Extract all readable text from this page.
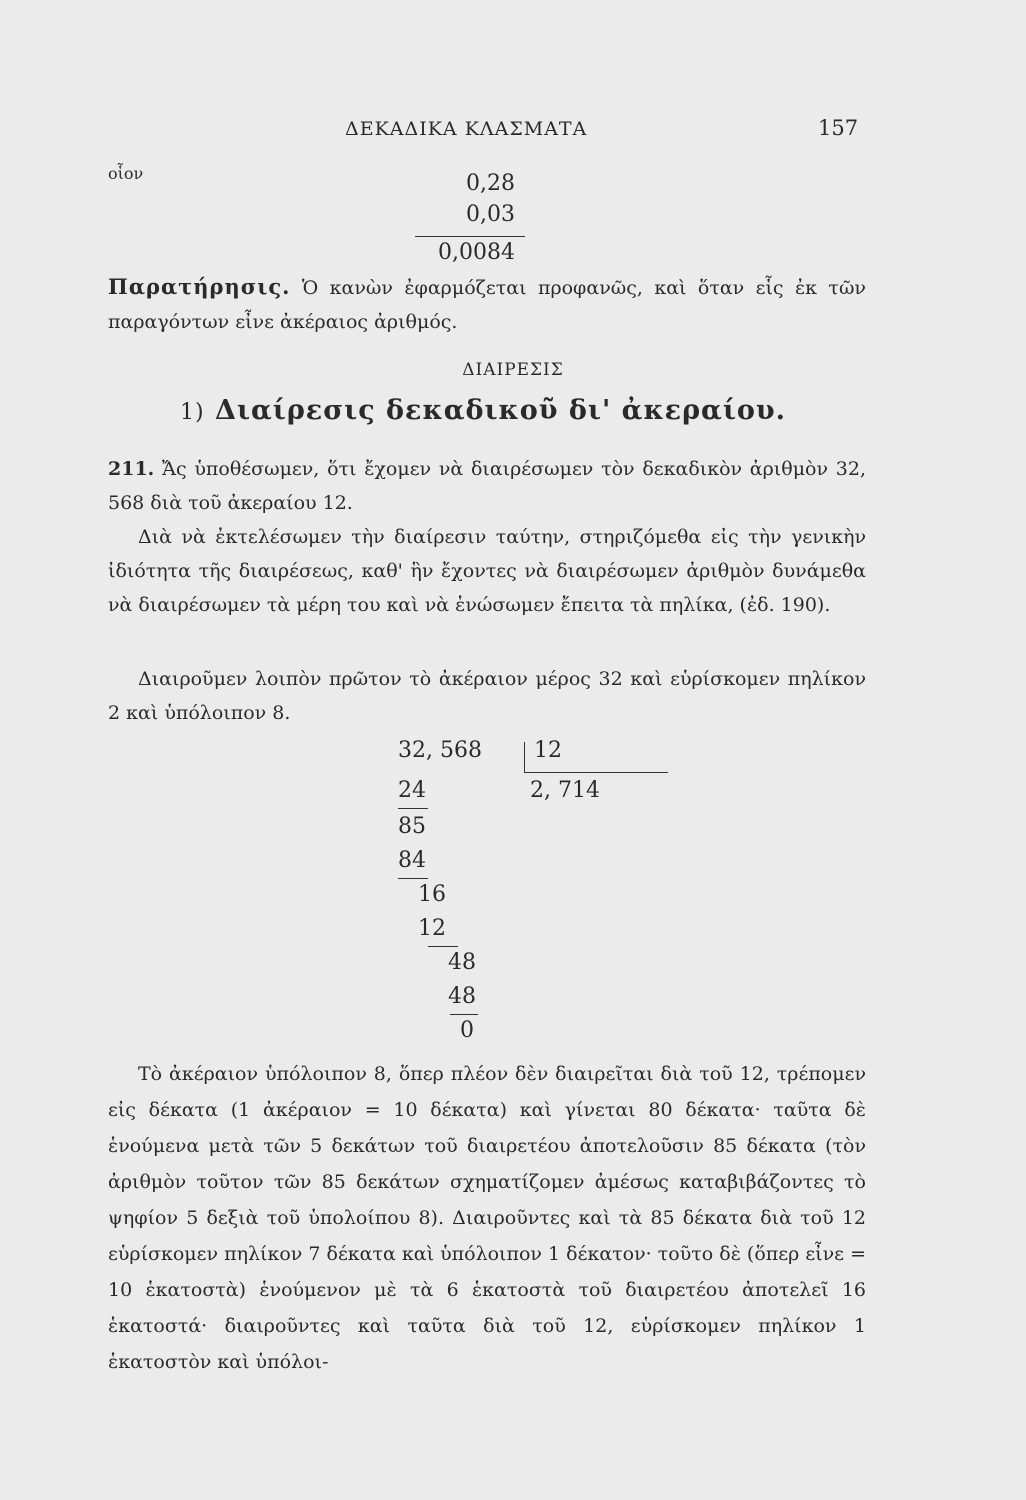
ΔΕΚΑΔΙΚΑ ΚΛΑΣΜΑΤΑ	157
οἷον	0,28
0,03
0,0084
Παρατήρησις. Ὁ κανὼν ἐφαρμόζεται προφανῶς, καὶ ὅταν εἷς ἐκ τῶν παραγόντων εἶνε ἀκέραιος ἀριθμός.
ΔΙΑΙΡΕΣΙΣ
1) Διαίρεσις δεκαδικοῦ δι' ἀκεραίου.
211. Ἄς ὑποθέσωμεν, ὅτι ἔχομεν νὰ διαιρέσωμεν τὸν δεκαδικὸν ἀριθμὸν 32, 568 διὰ τοῦ ἀκεραίου 12.
Διὰ νὰ ἐκτελέσωμεν τὴν διαίρεσιν ταύτην, στηριζόμεθα εἰς τὴν γενικὴν ἰδιότητα τῆς διαιρέσεως, καθ' ἣν ἔχοντες νὰ διαιρέσωμεν ἀριθμὸν δυνάμεθα νὰ διαιρέσωμεν τὰ μέρη του καὶ νὰ ἑνώσωμεν ἔπειτα τὰ πηλίκα, (ἐδ. 190).
Διαιροῦμεν λοιπὸν πρῶτον τὸ ἀκέραιον μέρος 32 καὶ εὑρίσκομεν πηλίκον 2 καὶ ὑπόλοιπον 8.
32, 568 12
2, 714
24
85
84
16
12
48
48
0
Τὸ ἀκέραιον ὑπόλοιπον 8, ὅπερ πλέον δὲν διαιρεῖται διὰ τοῦ 12, τρέπομεν εἰς δέκατα (1 ἀκέραιον = 10 δέκατα) καὶ γίνεται 80 δέκατα· ταῦτα δὲ ἑνούμενα μετὰ τῶν 5 δεκάτων τοῦ διαιρετέου ἀποτελοῦσιν 85 δέκατα (τὸν ἀριθμὸν τοῦτον τῶν 85 δεκάτων σχηματίζομεν ἀμέσως καταβιβάζοντες τὸ ψηφίον 5 δεξιὰ τοῦ ὑπολοίπου 8). Διαιροῦντες καὶ τὰ 85 δέκατα διὰ τοῦ 12 εὑρίσκομεν πηλίκον 7 δέκατα καὶ ὑπόλοιπον 1 δέκατον· τοῦτο δὲ (ὅπερ εἶνε = 10 ἑκατοστὰ) ἑνούμενον μὲ τὰ 6 ἑκατοστὰ τοῦ διαιρετέου ἀποτελεῖ 16 ἑκατοστά· διαιροῦντες καὶ ταῦτα διὰ τοῦ 12, εὑρίσκομεν πηλίκον 1 ἑκατοστὸν καὶ ὑπόλοι-
